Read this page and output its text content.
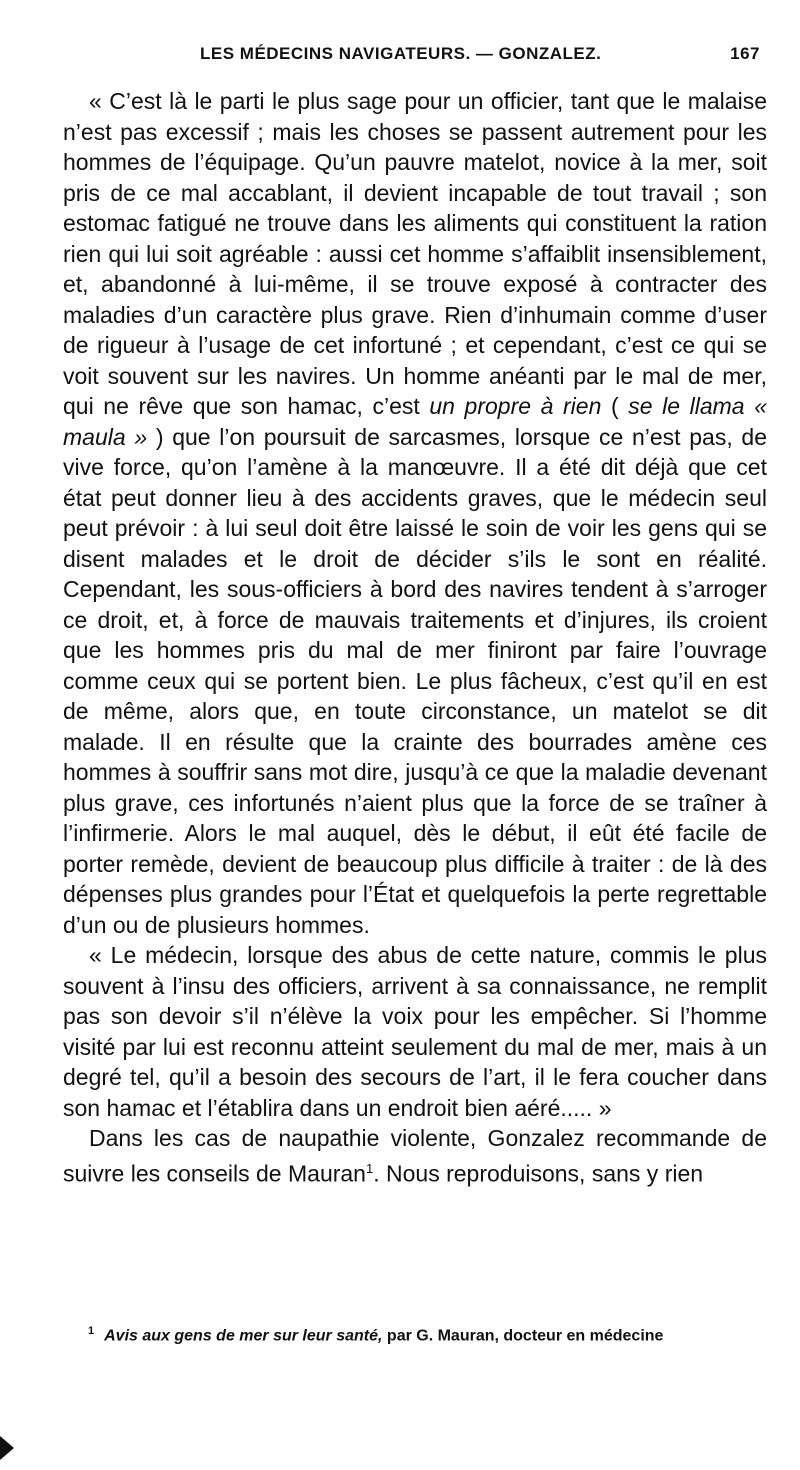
LES MÉDECINS NAVIGATEURS. — GONZALEZ.	167

« C’est là le parti le plus sage pour un officier, tant que le malaise n’est pas excessif ; mais les choses se passent autrement pour les hommes de l’équipage. Qu’un pauvre matelot, novice à la mer, soit pris de ce mal accablant, il devient incapable de tout travail ; son estomac fatigué ne trouve dans les aliments qui constituent la ration rien qui lui soit agréable : aussi cet homme s’affaiblit insensiblement, et, abandonné à lui-même, il se trouve exposé à contracter des maladies d’un caractère plus grave. Rien d’inhumain comme d’user de rigueur à l’usage de cet infortuné ; et cependant, c’est ce qui se voit souvent sur les navires. Un homme anéanti par le mal de mer, qui ne rêve que son hamac, c’est un propre à rien ( se le llama « maula » ) que l’on poursuit de sarcasmes, lorsque ce n’est pas, de vive force, qu’on l’amène à la manœuvre. Il a été dit déjà que cet état peut donner lieu à des accidents graves, que le médecin seul peut prévoir : à lui seul doit être laissé le soin de voir les gens qui se disent malades et le droit de décider s’ils le sont en réalité. Cependant, les sous-officiers à bord des navires tendent à s’arroger ce droit, et, à force de mauvais traitements et d’injures, ils croient que les hommes pris du mal de mer finiront par faire l’ouvrage comme ceux qui se portent bien. Le plus fâcheux, c’est qu’il en est de même, alors que, en toute circonstance, un matelot se dit malade. Il en résulte que la crainte des bourrades amène ces hommes à souffrir sans mot dire, jusqu’à ce que la maladie devenant plus grave, ces infortunés n’aient plus que la force de se traîner à l’infirmerie. Alors le mal auquel, dès le début, il eût été facile de porter remède, devient de beaucoup plus difficile à traiter : de là des dépenses plus grandes pour l’État et quelquefois la perte regrettable d’un ou de plusieurs hommes.

« Le médecin, lorsque des abus de cette nature, commis le plus souvent à l’insu des officiers, arrivent à sa connaissance, ne remplit pas son devoir s’il n’élève la voix pour les empêcher. Si l’homme visité par lui est reconnu atteint seulement du mal de mer, mais à un degré tel, qu’il a besoin des secours de l’art, il le fera coucher dans son hamac et l’établira dans un endroit bien aéré..... »

Dans les cas de naupathie violente, Gonzalez recommande de suivre les conseils de Mauran$^1$. Nous reproduisons, sans y rien

$^1$ Avis aux gens de mer sur leur santé, par G. Mauran, docteur en médecine
